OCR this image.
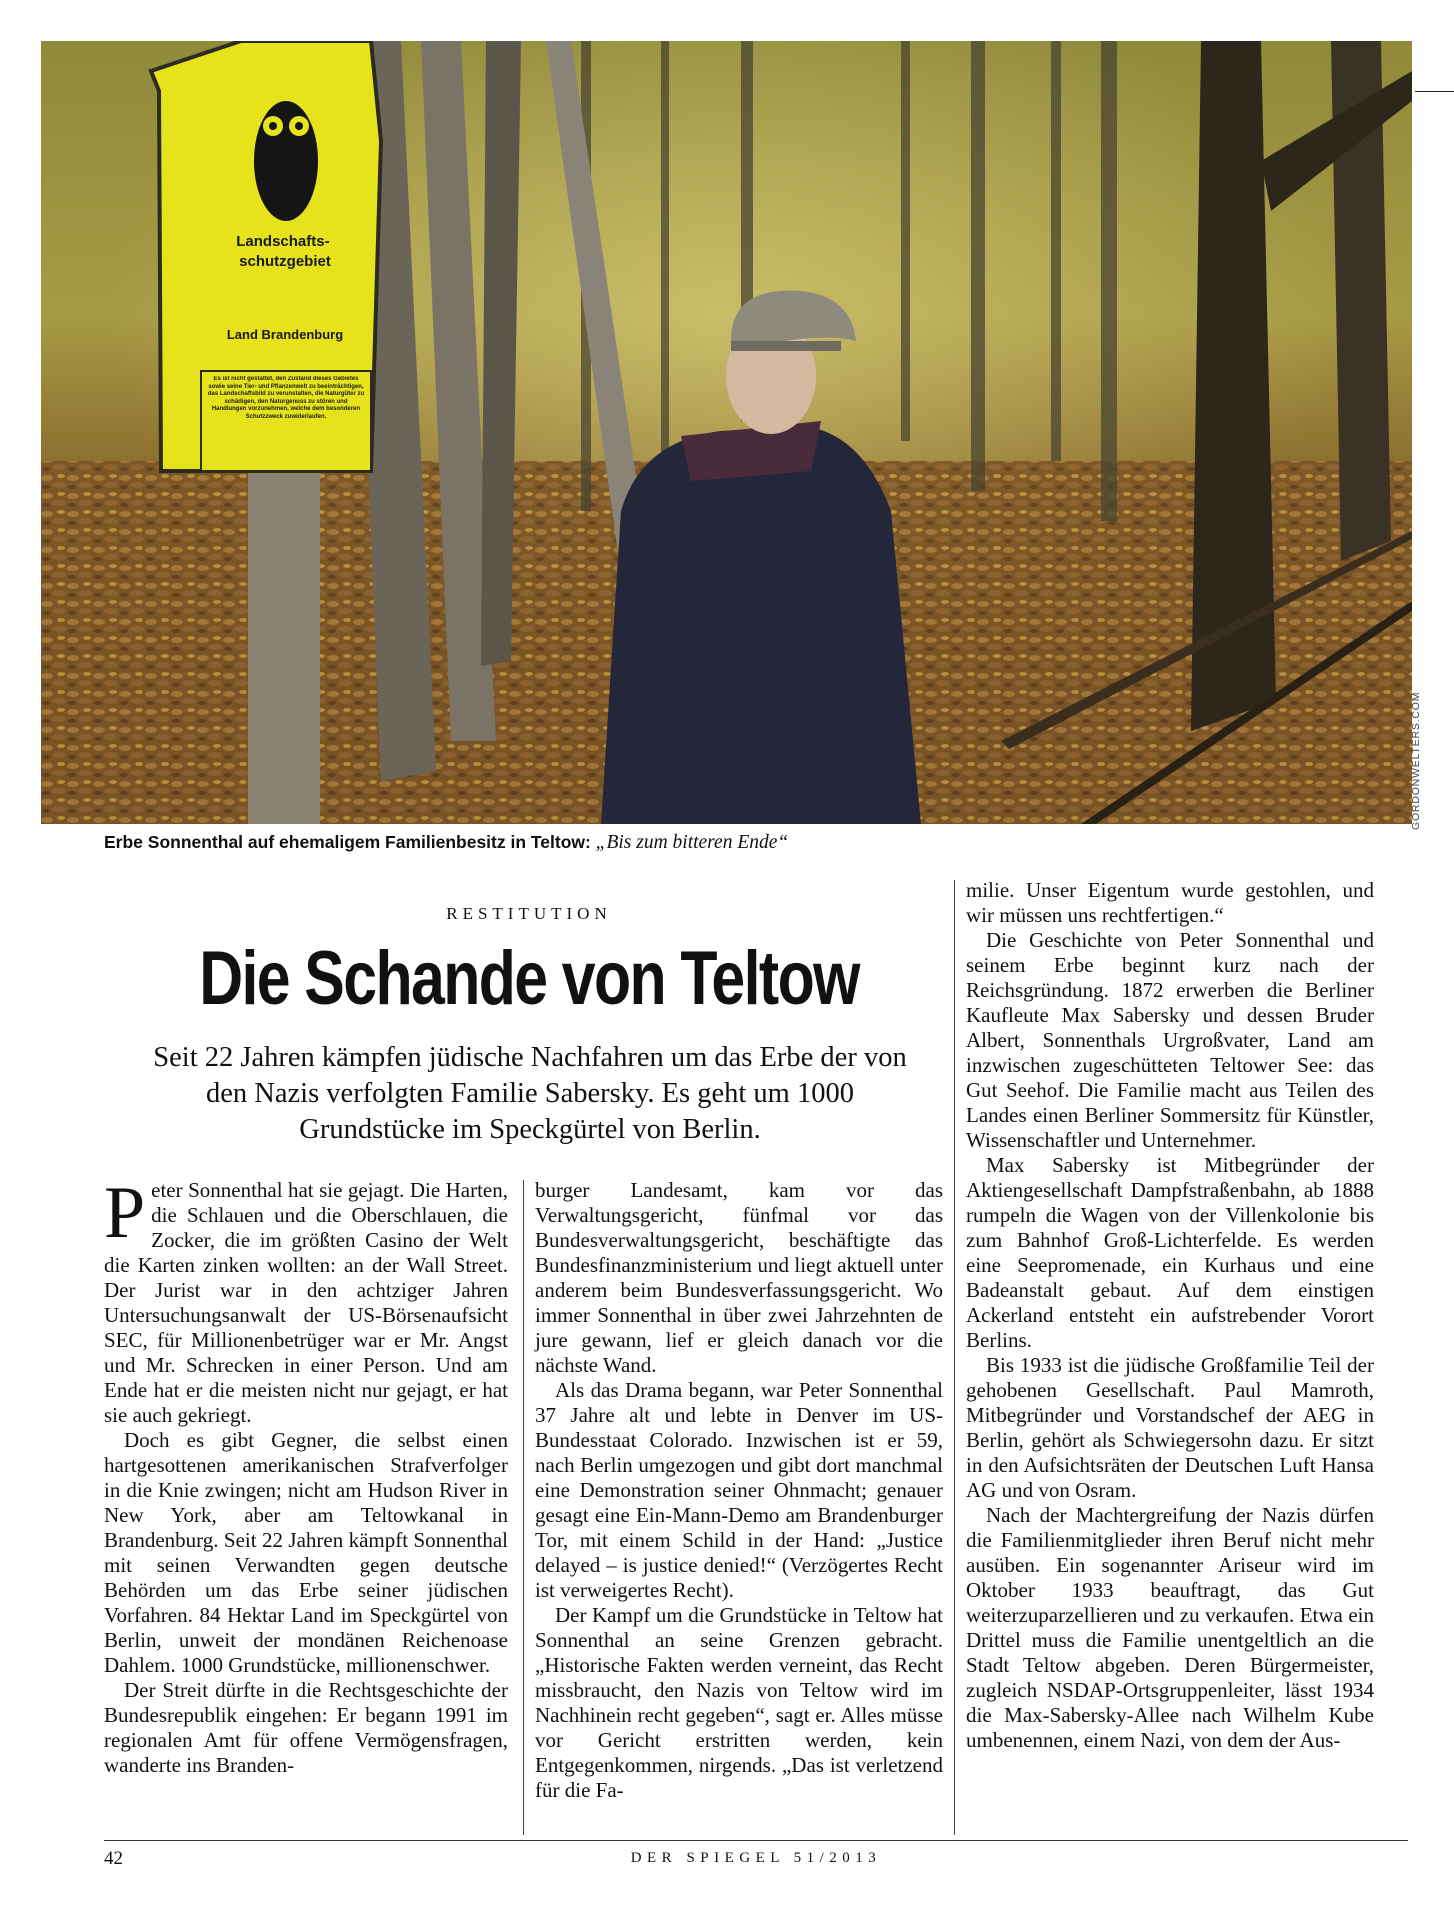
Landschafts- schutzgebiet
Land Brandenburg
Es ist nicht gestattet, den Zustand dieses Gebietes sowie seine Tier- und Pflanzenwelt zu beeinträchtigen, das Landschaftsbild zu verunstalten, die Naturgüter zu schädigen, den Naturgenuss zu stören und Handlungen vorzunehmen, welche dem besonderen Schutzzweck zuwiderlaufen.
GORDONWELTERS.COM
Erbe Sonnenthal auf ehemaligem Familienbesitz in Teltow: „Bis zum bitteren Ende“
RESTITUTION
Die Schande von Teltow
Seit 22 Jahren kämpfen jüdische Nachfahren um das Erbe der von den Nazis verfolgten Familie Sabersky. Es geht um 1000 Grundstücke im Speckgürtel von Berlin.

Peter Sonnenthal hat sie gejagt. Die Harten, die Schlauen und die Oberschlauen, die Zocker, die im größten Casino der Welt die Karten zinken wollten: an der Wall Street. Der Jurist war in den achtziger Jahren Untersuchungsanwalt der US-Börsenaufsicht SEC, für Millionenbetrüger war er Mr. Angst und Mr. Schrecken in einer Person. Und am Ende hat er die meisten nicht nur gejagt, er hat sie auch gekriegt.

Doch es gibt Gegner, die selbst einen hartgesottenen amerikanischen Strafverfolger in die Knie zwingen; nicht am Hudson River in New York, aber am Teltowkanal in Brandenburg. Seit 22 Jahren kämpft Sonnenthal mit seinen Verwandten gegen deutsche Behörden um das Erbe seiner jüdischen Vorfahren. 84 Hektar Land im Speckgürtel von Berlin, unweit der mondänen Reichenoase Dahlem. 1000 Grundstücke, millionenschwer.

Der Streit dürfte in die Rechtsgeschichte der Bundesrepublik eingehen: Er begann 1991 im regionalen Amt für offene Vermögensfragen, wanderte ins Branden-

burger Landesamt, kam vor das Verwaltungsgericht, fünfmal vor das Bundesverwaltungsgericht, beschäftigte das Bundesfinanzministerium und liegt aktuell unter anderem beim Bundesverfassungsgericht. Wo immer Sonnenthal in über zwei Jahrzehnten de jure gewann, lief er gleich danach vor die nächste Wand.

Als das Drama begann, war Peter Sonnenthal 37 Jahre alt und lebte in Denver im US-Bundesstaat Colorado. Inzwischen ist er 59, nach Berlin umgezogen und gibt dort manchmal eine Demonstration seiner Ohnmacht; genauer gesagt eine Ein-Mann-Demo am Brandenburger Tor, mit einem Schild in der Hand: „Justice delayed – is justice denied!“ (Verzögertes Recht ist verweigertes Recht).

Der Kampf um die Grundstücke in Teltow hat Sonnenthal an seine Grenzen gebracht. „Historische Fakten werden verneint, das Recht missbraucht, den Nazis von Teltow wird im Nachhinein recht gegeben“, sagt er. Alles müsse vor Gericht erstritten werden, kein Entgegenkommen, nirgends. „Das ist verletzend für die Fa-

milie. Unser Eigentum wurde gestohlen, und wir müssen uns rechtfertigen.“

Die Geschichte von Peter Sonnenthal und seinem Erbe beginnt kurz nach der Reichsgründung. 1872 erwerben die Berliner Kaufleute Max Sabersky und dessen Bruder Albert, Sonnenthals Urgroßvater, Land am inzwischen zugeschütteten Teltower See: das Gut Seehof. Die Familie macht aus Teilen des Landes einen Berliner Sommersitz für Künstler, Wissenschaftler und Unternehmer.

Max Sabersky ist Mitbegründer der Aktiengesellschaft Dampfstraßenbahn, ab 1888 rumpeln die Wagen von der Villenkolonie bis zum Bahnhof Groß-Lichterfelde. Es werden eine Seepromenade, ein Kurhaus und eine Badeanstalt gebaut. Auf dem einstigen Ackerland entsteht ein aufstrebender Vorort Berlins.

Bis 1933 ist die jüdische Großfamilie Teil der gehobenen Gesellschaft. Paul Mamroth, Mitbegründer und Vorstandschef der AEG in Berlin, gehört als Schwiegersohn dazu. Er sitzt in den Aufsichtsräten der Deutschen Luft Hansa AG und von Osram.

Nach der Machtergreifung der Nazis dürfen die Familienmitglieder ihren Beruf nicht mehr ausüben. Ein sogenannter Ariseur wird im Oktober 1933 beauftragt, das Gut weiterzuparzellieren und zu verkaufen. Etwa ein Drittel muss die Familie unentgeltlich an die Stadt Teltow abgeben. Deren Bürgermeister, zugleich NSDAP-Ortsgruppenleiter, lässt 1934 die Max-Sabersky-Allee nach Wilhelm Kube umbenennen, einem Nazi, von dem der Aus-

42	DER SPIEGEL 51/2013
